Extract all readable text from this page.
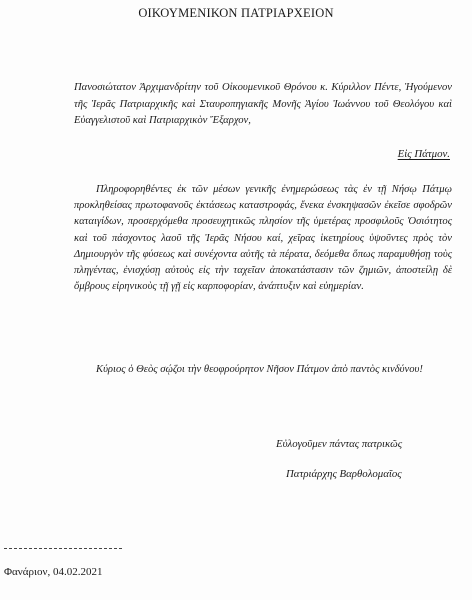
ΟΙΚΟΥΜΕΝΙΚΟΝ ΠΑΤΡΙΑΡΧΕΙΟΝ
Πανοσιώτατον Ἀρχιμανδρίτην τοῦ Οἰκουμενικοῦ Θρόνου κ. Κύριλλον Πέντε, Ἡγούμενον τῆς Ἱερᾶς Πατριαρχικῆς καὶ Σταυροπηγιακῆς Μονῆς Ἁγίου Ἰωάννου τοῦ Θεολόγου καὶ Εὐαγγελιστοῦ καὶ Πατριαρχικὸν Ἔξαρχον,
Εἰς Πάτμον.

Πληροφορηθέντες ἐκ τῶν μέσων γενικῆς ἐνημερώσεως τὰς ἐν τῇ Νήσῳ Πάτμῳ προκληθείσας πρωτοφανοῦς ἐκτάσεως καταστροφάς, ἕνεκα ἐνσκηψασῶν ἐκεῖσε σφοδρῶν καταιγίδων, προσερχόμεθα προσευχητικῶς πλησίον τῆς ὑμετέρας προσφιλοῦς Ὁσιότητος καὶ τοῦ πάσχοντος λαοῦ τῆς Ἱερᾶς Νήσου καί, χεῖρας ἱκετηρίους ὑψοῦντες πρὸς τὸν Δημιουργὸν τῆς φύσεως καὶ συνέχοντα αὐτῆς τὰ πέρατα, δεόμεθα ὅπως παραμυθήσῃ τοὺς πληγέντας, ἐνισχύσῃ αὐτοὺς εἰς τὴν ταχεῖαν ἀποκατάστασιν τῶν ζημιῶν, ἀποστείλῃ δὲ ὄμβρους εἰρηνικοὺς τῇ γῇ εἰς καρποφορίαν, ἀνάπτυξιν καὶ εὐημερίαν.

Κύριος ὁ Θεὸς σῴζοι τὴν θεοφρούρητον Νῆσον Πάτμον ἀπὸ παντὸς κινδύνου!

Εὐλογοῦμεν πάντας πατρικῶς
Πατριάρχης Βαρθολομαῖος
Φανάριον, 04.02.2021
